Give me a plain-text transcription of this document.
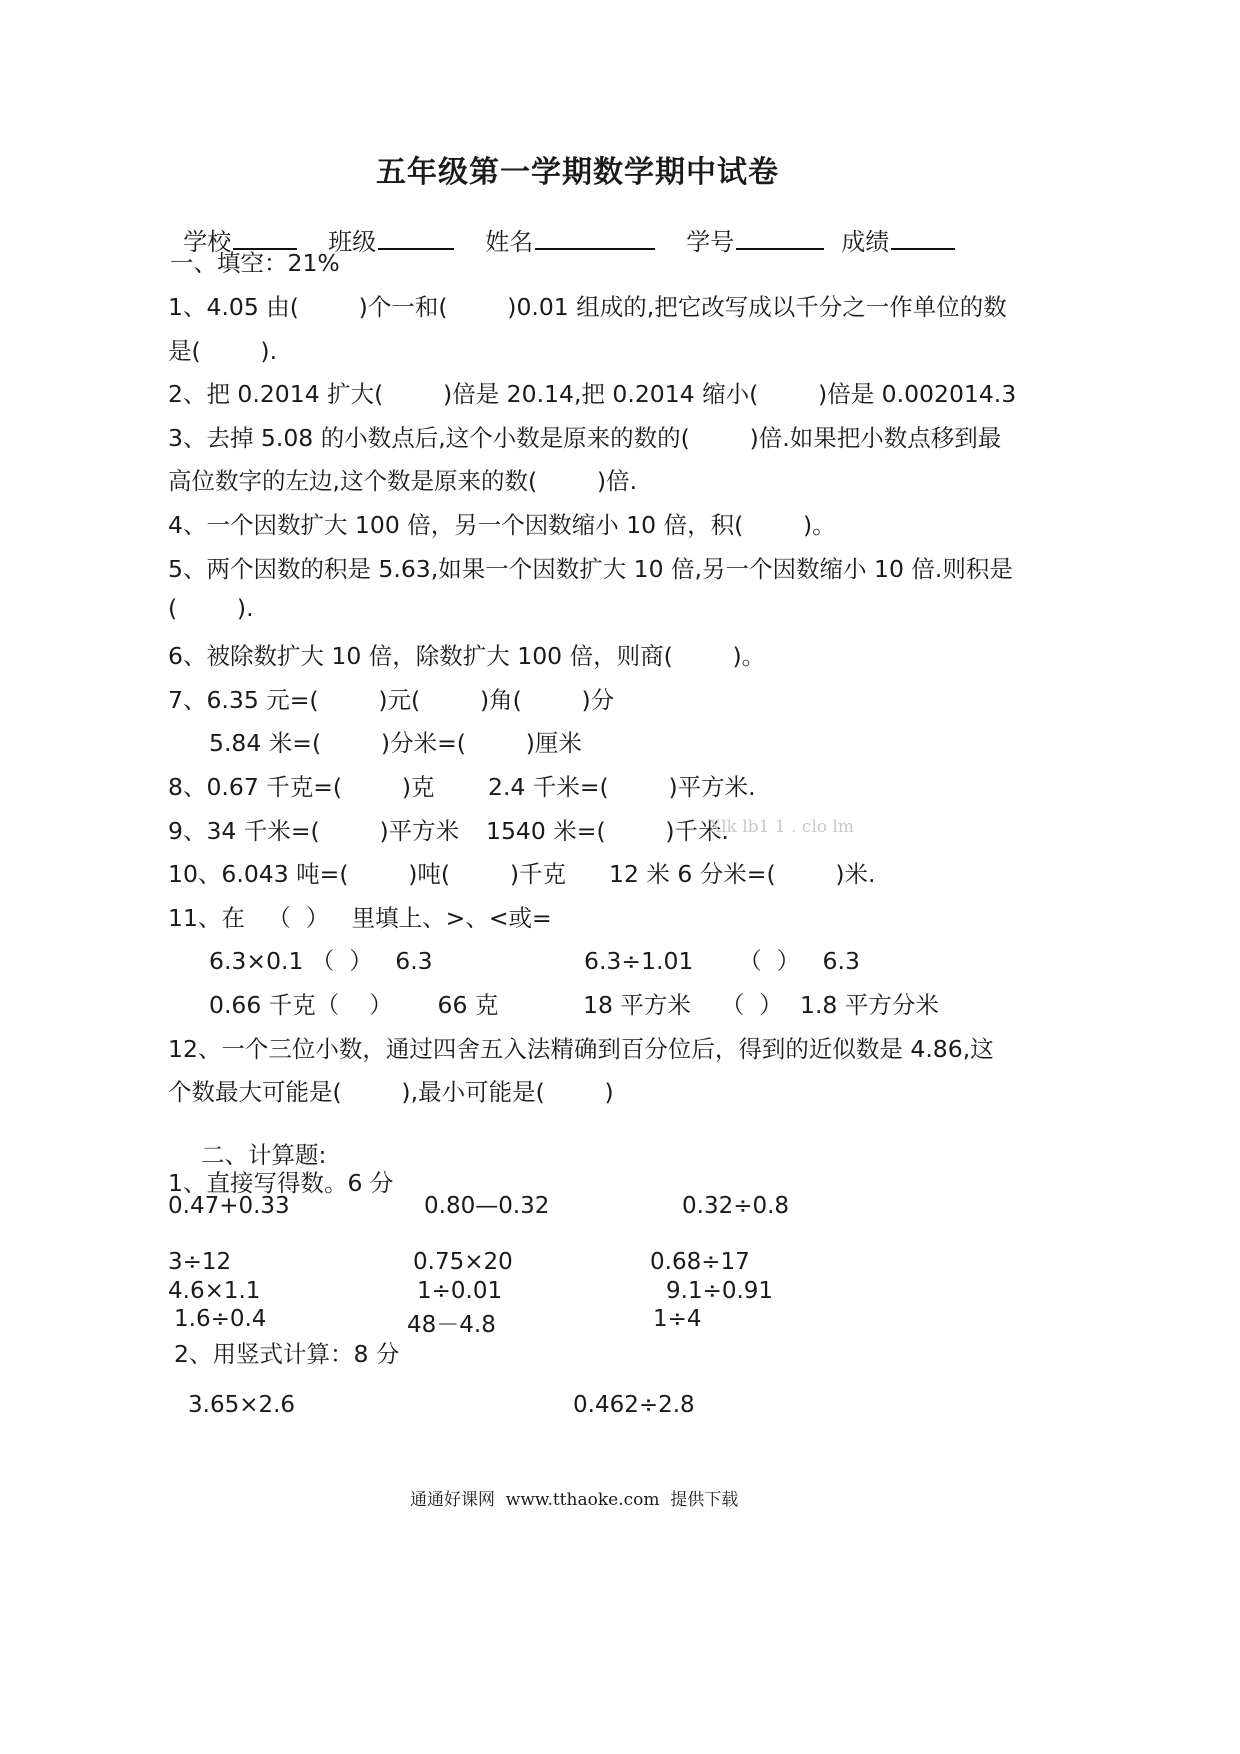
五年级第一学期数学期中试卷

学校	班级	姓名	学号	成绩

一、填空：21%
1、4.05 由(        )个一和(        )0.01 组成的,把它改写成以千分之一作单位的数
是(        ).
2、把 0.2014 扩大(        )倍是 20.14,把 0.2014 缩小(        )倍是 0.002014.3
3、去掉 5.08 的小数点后,这个小数是原来的数的(        )倍.如果把小数点移到最
高位数字的左边,这个数是原来的数(        )倍.
4、一个因数扩大 100 倍，另一个因数缩小 10 倍，积(        )。
5、两个因数的积是 5.63,如果一个因数扩大 10 倍,另一个因数缩小 10 倍.则积是
(        ).
6、被除数扩大 10 倍，除数扩大 100 倍，则商(        )。
7、6.35 元=(        )元(        )角(        )分
5.84 米=(        )分米=(        )厘米
8、0.67 千克=(        )克 2.4 千米=(        )平方米.
9、34 千米=(        )平方米 1540 米=(        )千米.
Xlk lb1 1 . clo lm
10、6.043 吨=(        )吨(        )千克 12 米 6 分米=(        )米.
11、在   （  ）   里填上、>、<或=
6.3×0.1 （  ）   6.3	6.3÷1.01      （  ）   6.3
0.66 千克（    ）      66 克	18 平方米    （  ） 1.8 平方分米
12、一个三位小数，通过四舍五入法精确到百分位后，得到的近似数是 4.86,这
个数最大可能是(        ),最小可能是(        )
二、计算题:
1、直接写得数。6 分
0.47+0.33	0.80—0.32	0.32÷0.8
3÷12	0.75×20	0.68÷17
4.6×1.1	1÷0.01	9.1÷0.91
1.6÷0.4	48－4.8	1÷4
2、用竖式计算：8 分
3.65×2.6	0.462÷2.8
通通好课网  www.tthaoke.com  提供下载
